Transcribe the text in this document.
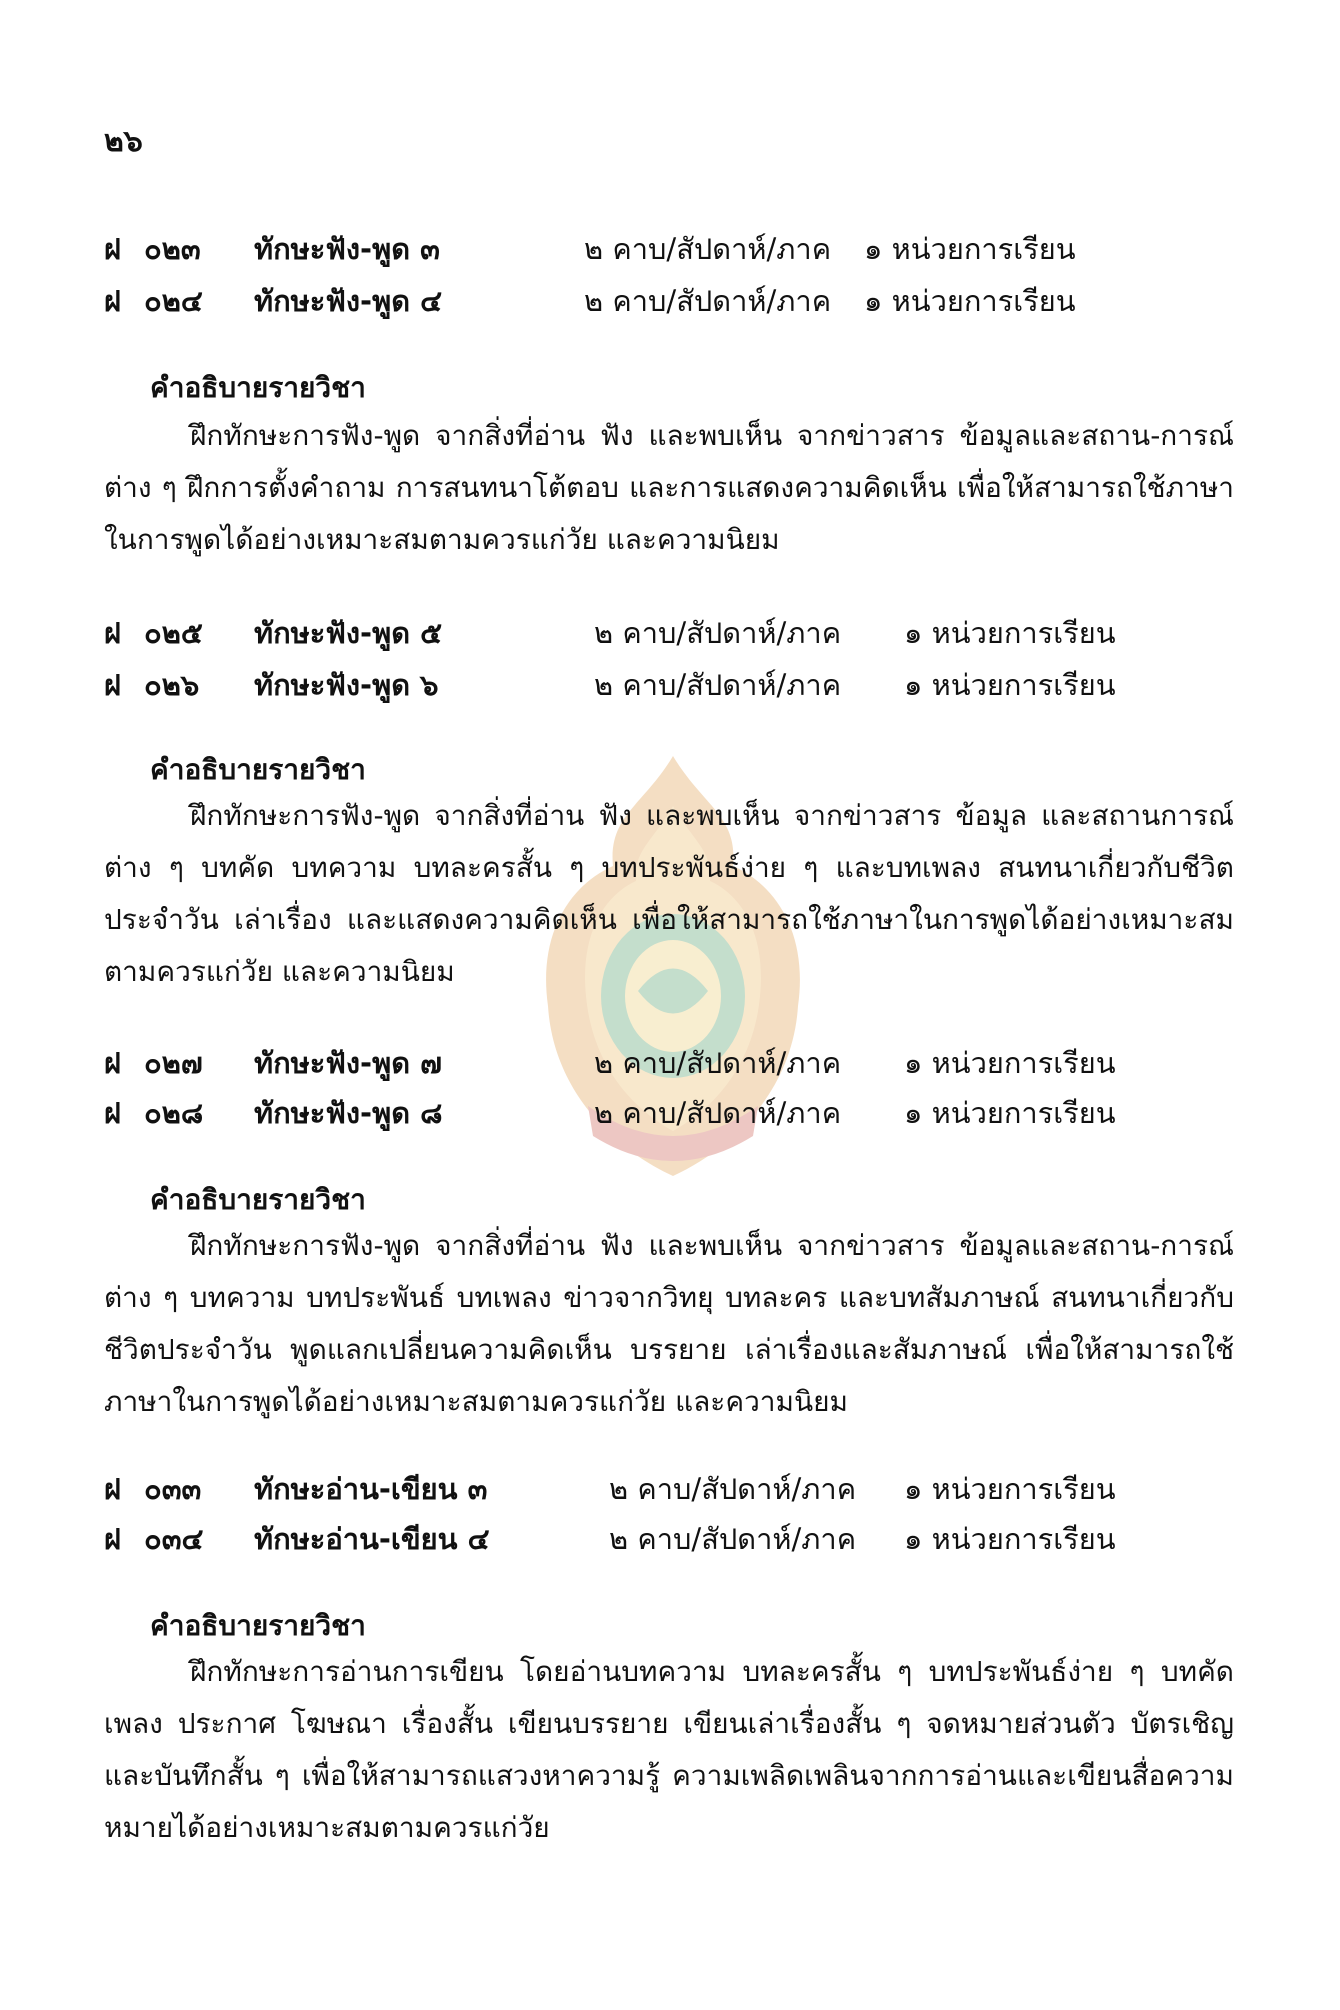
๒๖
ฝ ๐๒๓ ทักษะฟัง-พูด ๓	๒ คาบ/สัปดาห์/ภาค ๑ หน่วยการเรียน
ฝ ๐๒๔ ทักษะฟัง-พูด ๔	๒ คาบ/สัปดาห์/ภาค ๑ หน่วยการเรียน
คำอธิบายรายวิชา

ฝึกทักษะการฟัง-พูด จากสิ่งที่อ่าน ฟัง และพบเห็น จากข่าวสาร ข้อมูลและสถาน-การณ์ต่าง ๆ ฝึกการตั้งคำถาม การสนทนาโต้ตอบ และการแสดงความคิดเห็น เพื่อให้สามารถใช้ภาษาในการพูดได้อย่างเหมาะสมตามควรแก่วัย และความนิยม

ฝ ๐๒๕ ทักษะฟัง-พูด ๕	๒ คาบ/สัปดาห์/ภาค ๑ หน่วยการเรียน
ฝ ๐๒๖ ทักษะฟัง-พูด ๖	๒ คาบ/สัปดาห์/ภาค ๑ หน่วยการเรียน
คำอธิบายรายวิชา

ฝึกทักษะการฟัง-พูด จากสิ่งที่อ่าน ฟัง และพบเห็น จากข่าวสาร ข้อมูล และสถานการณ์ต่าง ๆ บทคัด บทความ บทละครสั้น ๆ บทประพันธ์ง่าย ๆ และบทเพลง สนทนาเกี่ยวกับชีวิตประจำวัน เล่าเรื่อง และแสดงความคิดเห็น เพื่อให้สามารถใช้ภาษาในการพูดได้อย่างเหมาะสมตามควรแก่วัย และความนิยม

ฝ ๐๒๗ ทักษะฟัง-พูด ๗	๒ คาบ/สัปดาห์/ภาค ๑ หน่วยการเรียน
ฝ ๐๒๘ ทักษะฟัง-พูด ๘	๒ คาบ/สัปดาห์/ภาค ๑ หน่วยการเรียน
คำอธิบายรายวิชา

ฝึกทักษะการฟัง-พูด จากสิ่งที่อ่าน ฟัง และพบเห็น จากข่าวสาร ข้อมูลและสถาน-การณ์ต่าง ๆ บทความ บทประพันธ์ บทเพลง ข่าวจากวิทยุ บทละคร และบทสัมภาษณ์ สนทนาเกี่ยวกับชีวิตประจำวัน พูดแลกเปลี่ยนความคิดเห็น บรรยาย เล่าเรื่องและสัมภาษณ์ เพื่อให้สามารถใช้ภาษาในการพูดได้อย่างเหมาะสมตามควรแก่วัย และความนิยม

ฝ ๐๓๓ ทักษะอ่าน-เขียน ๓	๒ คาบ/สัปดาห์/ภาค ๑ หน่วยการเรียน
ฝ ๐๓๔ ทักษะอ่าน-เขียน ๔	๒ คาบ/สัปดาห์/ภาค ๑ หน่วยการเรียน
คำอธิบายรายวิชา

ฝึกทักษะการอ่านการเขียน โดยอ่านบทความ บทละครสั้น ๆ บทประพันธ์ง่าย ๆ บทคัด เพลง ประกาศ โฆษณา เรื่องสั้น เขียนบรรยาย เขียนเล่าเรื่องสั้น ๆ จดหมายส่วนตัว บัตรเชิญ และบันทึกสั้น ๆ เพื่อให้สามารถแสวงหาความรู้ ความเพลิดเพลินจากการอ่านและเขียนสื่อความหมายได้อย่างเหมาะสมตามควรแก่วัย
